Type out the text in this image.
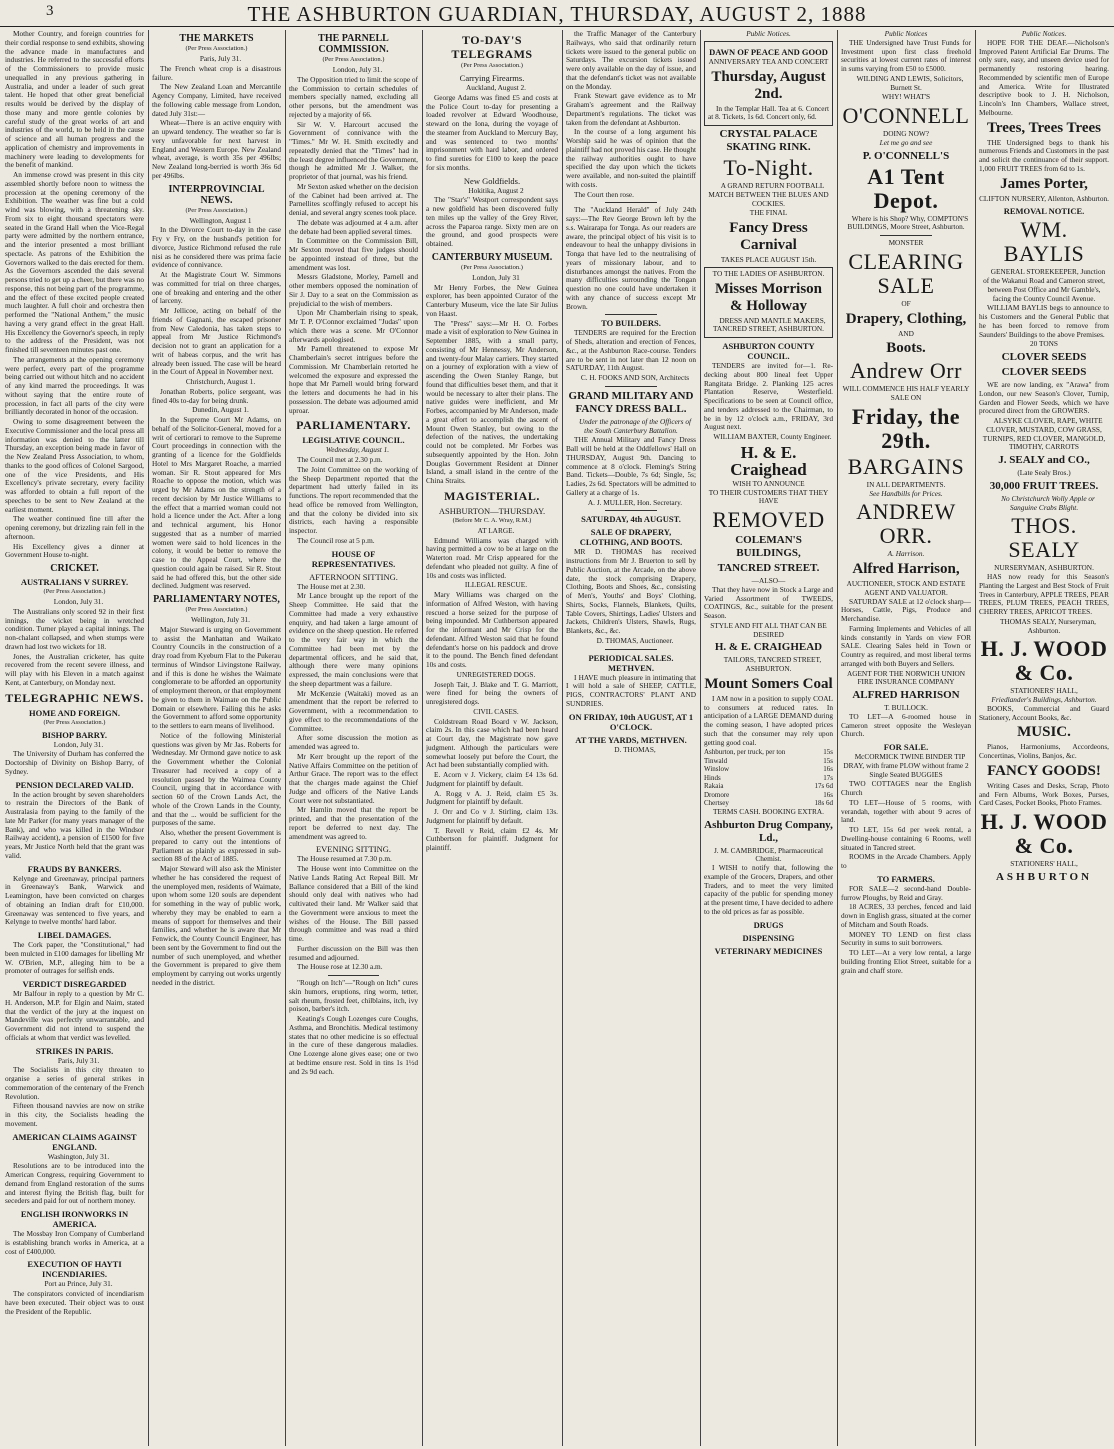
3	THE ASHBURTON GUARDIAN, THURSDAY, AUGUST 2, 1888

Mother Country, and foreign countries for their cordial response to send exhibits, showing the advance made in manufactures and industries. He referred to the successful efforts of the Commissioners to provide music unequalled in any previous gathering in Australia, and under a leader of such great talent. He hoped that other great beneficial results would be derived by the display of those many and more gentle colonies by careful study of the great works of art and industries of the world, to be held in the cause of science and all human progress and the application of chemistry and improvements in machinery were leading to developments for the benefit of mankind.

An immense crowd was present in this city assembled shortly before noon to witness the procession at the opening ceremony of the Exhibition. The weather was fine but a cold wind was blowing, with a threatening sky. From six to eight thousand spectators were seated in the Grand Hall when the Vice-Regal party were admitted by the northern entrance, and the interior presented a most brilliant spectacle. As patrons of the Exhibition the Governors walked to the dais erected for them. As the Governors ascended the dais several persons tried to get up a cheer, but there was no response, this not being part of the programme, and the effect of these excited people created much laughter. A full choir and orchestra then performed the "National Anthem," the music having a very grand effect in the great Hall. His Excellency the Governor's speech, in reply to the address of the President, was not finished till seventeen minutes past one.

The arrangements at the opening ceremony were perfect, every part of the programme being carried out without hitch and no accident of any kind marred the proceedings. It was without saying that the entire route of procession, in fact all parts of the city were brilliantly decorated in honor of the occasion.

Owing to some disagreement between the Executive Commissioner and the local press all information was denied to the latter till Thursday, an exception being made in favor of the New Zealand Press Association, to whom, thanks to the good offices of Colonel Sargood, one of the vice Presidents, and His Excellency's private secretary, every facility was afforded to obtain a full report of the speeches to be sent to New Zealand at the earliest moment.

The weather continued fine till after the opening ceremony, but drizzling rain fell in the afternoon.

His Excellency gives a dinner at Government House to-night.

CRICKET.
AUSTRALIANS V SURREY.
(Per Press Association.)

London, July 31.

The Australians only scored 92 in their first innings, the wicket being in wretched condition. Turner played a capital innings. The non-chalant collapsed, and when stumps were drawn had lost two wickets for 18.

Jones, the Australian cricketer, has quite recovered from the recent severe illness, and will play with his Eleven in a match against Kent, at Canterbury, on Monday next.

TELEGRAPHIC NEWS.
HOME AND FOREIGN.
(Per Press Association.)
BISHOP BARRY.

London, July 31.

The University of Durham has conferred the Doctorship of Divinity on Bishop Barry, of Sydney.

PENSION DECLARED VALID.

In the action brought by seven shareholders to restrain the Directors of the Bank of Australasia from paying to the family of the late Mr Parker (for many years manager of the Bank), and who was killed in the Windsor Railway accident), a pension of £1500 for five years, Mr Justice North held that the grant was valid.

FRAUDS BY BANKERS.

Kelynge and Greenaway, principal partners in Greenaway's Bank, Warwick and Leamington, have been convicted on charges of obtaining an Indian draft for £10,000. Greenaway was sentenced to five years, and Kelynge to twelve months' hard labor.

LIBEL DAMAGES.

The Cork paper, the "Constitutional," had been mulcted in £100 damages for libelling Mr W. O'Brien, M.P., alleging him to be a promoter of outrages for selfish ends.

VERDICT DISREGARDED

Mr Balfour in reply to a question by Mr C. H. Anderson, M.P. for Elgin and Nairn, stated that the verdict of the jury at the inquest on Mandeville was perfectly unwarrantable, and Government did not intend to suspend the officials at whom that verdict was levelled.

STRIKES IN PARIS.

Paris, July 31.

The Socialists in this city threaten to organise a series of general strikes in commemoration of the centenary of the French Revolution.

Fifteen thousand navvies are now on strike in this city, the Socialists heading the movement.

AMERICAN CLAIMS AGAINST ENGLAND.

Washington, July 31.

Resolutions are to be introduced into the American Congress, requiring Government to demand from England restoration of the sums and interest flying the British flag, built for seceders and paid for out of northern money.

ENGLISH IRONWORKS IN AMERICA.

The Mossbay Iron Company of Cumberland is establishing branch works in America, at a cost of £400,000.

EXECUTION OF HAYTI INCENDIARIES.

Port au Prince, July 31.

The conspirators convicted of incendiarism have been executed. Their object was to oust the President of the Republic.

THE MARKETS
(Per Press Association.)

Paris, July 31.

The French wheat crop is a disastrous failure.

The New Zealand Loan and Mercantile Agency Company, Limited, have received the following cable message from London, dated July 31st:—

Wheat—There is an active enquiry with an upward tendency. The weather so far is very unfavorable for next harvest in England and Western Europe. New Zealand wheat, average, is worth 35s per 496lbs; New Zealand long-berried is worth 36s 6d per 496lbs.

INTERPROVINCIAL NEWS.
(Per Press Association.)

Wellington, August 1

In the Divorce Court to-day in the case Fry v Fry, on the husband's petition for divorce, Justice Richmond refused the rule nisi as he considered there was prima facie evidence of connivance.

At the Magistrate Court W. Simmons was committed for trial on three charges, one of breaking and entering and the other of larceny.

Mr Jellicoe, acting on behalf of the friends of Gagnani, the escaped prisoner from New Caledonia, has taken steps to appeal from Mr Justice Richmond's decision not to grant an application for a writ of habeas corpus, and the writ has already been issued. The case will be heard in the Court of Appeal in November next.

Christchurch, August 1.

Jonathan Roberts, police sergeant, was fined 40s to-day for being drunk.

Dunedin, August 1.

In the Supreme Court Mr Adams, on behalf of the Solicitor-General, moved for a writ of certiorari to remove to the Supreme Court proceedings in connection with the granting of a licence for the Goldfields Hotel to Mrs Margaret Roache, a married woman. Sir R. Stout appeared for Mrs Roache to oppose the motion, which was urged by Mr Adams on the strength of a recent decision by Mr Justice Williams to the effect that a married woman could not hold a licence under the Act. After a long and technical argument, his Honor suggested that as a number of married women were said to hold licences in the colony, it would be better to remove the case to the Appeal Court, where the question could again be raised. Sir R. Stout said he had offered this, but the other side declined. Judgment was reserved.

PARLIAMENTARY NOTES,
(Per Press Association.)

Wellington, July 31.

Major Steward is urging on Government to assist the Manhattan and Waikato Country Councils in the construction of a dray road from Kyeburn Flat to the Pukerau terminus of Windsor Livingstone Railway, and if this is done he wishes the Waimate conglomerate to be afforded an opportunity of employment thereon, or that employment be given to them in Waimate on the Public Domain or elsewhere. Failing this he asks the Government to afford some opportunity to the settlers to earn means of livelihood.

Notice of the following Ministerial questions was given by Mr Jas. Roberts for Wednesday. Mr Ormond gave notice to ask the Government whether the Colonial Treasurer had received a copy of a resolution passed by the Waimea County Council, urging that in accordance with section 60 of the Crown Lands Act, the whole of the Crown Lands in the County, and that the ... would be sufficient for the purposes of the same.

Also, whether the present Government is prepared to carry out the intentions of Parliament as plainly as expressed in sub-section 88 of the Act of 1885.

Major Steward will also ask the Minister whether he has considered the request of the unemployed men, residents of Waimate, upon whom some 120 souls are dependent for something in the way of public work, whereby they may be enabled to earn a means of support for themselves and their families, and whether he is aware that Mr Fenwick, the County Council Engineer, has been sent by the Government to find out the number of such unemployed, and whether the Government is prepared to give them employment by carrying out works urgently needed in the district.

THE PARNELL COMMISSION.
(Per Press Association.)

London, July 31.

The Opposition tried to limit the scope of the Commission to certain schedules of members specially named, excluding all other persons, but the amendment was rejected by a majority of 66.

Sir W. V. Harcourt accused the Government of connivance with the "Times." Mr W. H. Smith excitedly and repeatedly denied that the "Times" had in the least degree influenced the Government, though he admitted Mr J. Walker, the proprietor of that journal, was his friend.

Mr Sexton asked whether on the decision of the Cabinet had been arrived at. The Parnellites scoffingly refused to accept his denial, and several angry scenes took place.

The debate was adjourned at 4 a.m. after the debate had been applied several times.

In Committee on the Commission Bill, Mr Sexton moved that five judges should be appointed instead of three, but the amendment was lost.

Messrs Gladstone, Morley, Parnell and other members opposed the nomination of Sir J. Day to a seat on the Commission as prejudicial to the wish of members.

Upon Mr Chamberlain rising to speak, Mr T. P. O'Connor exclaimed "Judas" upon which there was a scene. Mr O'Connor afterwards apologised.

Mr Parnell threatened to expose Mr Chamberlain's secret intrigues before the Commission. Mr Chamberlain retorted he welcomed the exposure and expressed the hope that Mr Parnell would bring forward the letters and documents he had in his possession. The debate was adjourned amid uproar.

PARLIAMENTARY.
LEGISLATIVE COUNCIL.

Wednesday, August 1.

The Council met at 2.30 p.m.

The Joint Committee on the working of the Sheep Department reported that the department had utterly failed in its functions. The report recommended that the head office be removed from Wellington, and that the colony be divided into six districts, each having a responsible inspector.

The Council rose at 5 p.m.

HOUSE OF REPRESENTATIVES.
AFTERNOON SITTING.

The House met at 2.30.

Mr Lance brought up the report of the Sheep Committee. He said that the Committee had made a very exhaustive enquiry, and had taken a large amount of evidence on the sheep question. He referred to the very fair way in which the Committee had been met by the departmental officers, and he said that, although there were many opinions expressed, the main conclusions were that the sheep department was a failure.

Mr McKenzie (Waitaki) moved as an amendment that the report be referred to Government, with a recommendation to give effect to the recommendations of the Committee.

After some discussion the motion as amended was agreed to.

Mr Kerr brought up the report of the Native Affairs Committee on the petition of Arthur Grace. The report was to the effect that the charges made against the Chief Judge and officers of the Native Lands Court were not substantiated.

Mr Hamlin moved that the report be printed, and that the presentation of the report be deferred to next day. The amendment was agreed to.

EVENING SITTING.

The House resumed at 7.30 p.m.

The House went into Committee on the Native Lands Rating Act Repeal Bill. Mr Ballance considered that a Bill of the kind should only deal with natives who had cultivated their land. Mr Walker said that the Government were anxious to meet the wishes of the House. The Bill passed through committee and was read a third time.

Further discussion on the Bill was then resumed and adjourned.

The House rose at 12.30 a.m.

"Rough on Itch"—"Rough on Itch" cures skin humors, eruptions, ring worm, tetter, salt rheum, frosted feet, chilblains, itch, ivy poison, barber's itch.

Keating's Cough Lozenges cure Coughs, Asthma, and Bronchitis. Medical testimony states that no other medicine is so effectual in the cure of these dangerous maladies. One Lozenge alone gives ease; one or two at bedtime ensure rest. Sold in tins 1s 1½d and 2s 9d each.

TO-DAY'S TELEGRAMS
(Per Press Association.)
Carrying Firearms.

Auckland, August 2.

George Adams was fined £5 and costs at the Police Court to-day for presenting a loaded revolver at Edward Woodhouse, steward on the Iona, during the voyage of the steamer from Auckland to Mercury Bay, and was sentenced to two months' imprisonment with hard labor, and ordered to find sureties for £100 to keep the peace for six months.

New Goldfields.

Hokitika, August 2

The "Star's" Westport correspondent says a new goldfield has been discovered fully ten miles up the valley of the Grey River, across the Paparoa range. Sixty men are on the ground, and good prospects were obtained.

CANTERBURY MUSEUM.
(Per Press Association.)

London, July 31

Mr Henry Forbes, the New Guinea explorer, has been appointed Curator of the Canterbury Museum, vice the late Sir Julius von Haast.

The "Press" says:—Mr H. O. Forbes made a visit of exploration to New Guinea in September 1885, with a small party, consisting of Mr Hennessy, Mr Anderson, and twenty-four Malay carriers. They started on a journey of exploration with a view of ascending the Owen Stanley Range, but found that difficulties beset them, and that it would be necessary to alter their plans. The native guides were inefficient, and Mr Forbes, accompanied by Mr Anderson, made a great effort to accomplish the ascent of Mount Owen Stanley, but owing to the defection of the natives, the undertaking could not be completed. Mr Forbes was subsequently appointed by the Hon. John Douglas Government Resident at Dinner Island, a small island in the centre of the China Straits.

MAGISTERIAL.
ASHBURTON—THURSDAY.
(Before Mr C. A. Wray, R.M.)

AT LARGE.

Edmund Williams was charged with having permitted a cow to be at large on the Waterton road. Mr Crisp appeared for the defendant who pleaded not guilty. A fine of 10s and costs was inflicted.

ILLEGAL RESCUE.

Mary Williams was charged on the information of Alfred Weston, with having rescued a horse seized for the purpose of being impounded. Mr Cuthbertson appeared for the informant and Mr Crisp for the defendant. Alfred Weston said that he found defendant's horse on his paddock and drove it to the pound. The Bench fined defendant 10s and costs.

UNREGISTERED DOGS.

Joseph Tait, J. Blake and T. G. Marriott, were fined for being the owners of unregistered dogs.

CIVIL CASES.

Coldstream Road Board v W. Jackson, claim 2s. In this case which had been heard at Court day, the Magistrate now gave judgment. Although the particulars were somewhat loosely put before the Court, the Act had been substantially complied with.

E. Acorn v J. Vickery, claim £4 13s 6d. Judgment for plaintiff by default.

A. Rogg v A. J. Reid, claim £5 3s. Judgment for plaintiff by default.

J. Orr and Co v J. Stirling, claim 13s. Judgment for plaintiff by default.

T. Revell v Reid, claim £2 4s. Mr Cuthbertson for plaintiff. Judgment for plaintiff.

the Traffic Manager of the Canterbury Railways, who said that ordinarily return tickets were issued to the general public on Saturdays. The excursion tickets issued were only available on the day of issue, and that the defendant's ticket was not available on the Monday.

Frank Stewart gave evidence as to Mr Graham's agreement and the Railway Department's regulations. The ticket was taken from the defendant at Ashburton.

In the course of a long argument his Worship said he was of opinion that the plaintiff had not proved his case. He thought the railway authorities ought to have specified the day upon which the tickets were available, and non-suited the plaintiff with costs.

The Court then rose.

The "Auckland Herald" of July 24th says:—The Rev George Brown left by the s.s. Wairarapa for Tonga. As our readers are aware, the principal object of his visit is to endeavour to heal the unhappy divisions in Tonga that have led to the neutralising of years of missionary labour, and to disturbances amongst the natives. From the many difficulties surrounding the Tongan question no one could have undertaken it with any chance of success except Mr Brown.

TO BUILDERS.

TENDERS are required for the Erection of Sheds, alteration and erection of Fences, &c., at the Ashburton Race-course. Tenders are to be sent in not later than 12 noon on SATURDAY, 11th August.

C. H. FOOKS AND SON, Architects

GRAND MILITARY AND FANCY DRESS BALL.

Under the patronage of the Officers of the South Canterbury Battalion.

THE Annual Military and Fancy Dress Ball will be held at the Oddfellows' Hall on THURSDAY, August 9th. Dancing to commence at 8 o'clock. Fleming's String Band. Tickets—Double, 7s 6d; Single, 5s; Ladies, 2s 6d. Spectators will be admitted to Gallery at a charge of 1s.

A. J. MULLER, Hon. Secretary.

SATURDAY, 4th AUGUST.
SALE OF DRAPERY, CLOTHING, AND BOOTS.

MR D. THOMAS has received instructions from Mr J. Bruerton to sell by Public Auction, at the Arcade, on the above date, the stock comprising Drapery, Clothing, Boots and Shoes, &c., consisting of Men's, Youths' and Boys' Clothing, Shirts, Socks, Flannels, Blankets, Quilts, Table Covers, Shirtings, Ladies' Ulsters and Jackets, Children's Ulsters, Shawls, Rugs, Blankets, &c., &c.

D. THOMAS, Auctioneer.

PERIODICAL SALES. METHVEN.

I HAVE much pleasure in intimating that I will hold a sale of SHEEP, CATTLE, PIGS, CONTRACTORS' PLANT AND SUNDRIES.

ON FRIDAY, 10th AUGUST, AT 1 O'CLOCK.
AT THE YARDS, METHVEN.

D. THOMAS,

Public Notices.
DAWN OF PEACE AND GOOD
ANNIVERSARY TEA AND CONCERT
Thursday, August 2nd.

In the Templar Hall. Tea at 6. Concert at 8. Tickets, 1s 6d. Concert only, 6d.

CRYSTAL PALACE SKATING RINK.
To-Night.

A GRAND RETURN FOOTBALL MATCH BETWEEN THE BLUES AND COCKIES.

THE FINAL
Fancy Dress Carnival
TAKES PLACE AUGUST 15th.
TO THE LADIES OF ASHBURTON.
Misses Morrison & Holloway

DRESS AND MANTLE MAKERS, TANCRED STREET, ASHBURTON.

ASHBURTON COUNTY COUNCIL.

TENDERS are invited for—1. Re-decking about 800 lineal feet Upper Rangitata Bridge. 2. Planking 125 acres Plantation Reserve, Westerfield. Specifications to be seen at Council office, and tenders addressed to the Chairman, to be in by 12 o'clock a.m., FRIDAY, 3rd August next.

WILLIAM BAXTER, County Engineer.

H. & E. Craighead
WISH TO ANNOUNCE
TO THEIR CUSTOMERS THAT THEY HAVE
REMOVED
COLEMAN'S BUILDINGS,
TANCRED STREET.
—ALSO—

That they have now in Stock a Large and Varied Assortment of TWEEDS, COATINGS, &c., suitable for the present Season.

STYLE AND FIT ALL THAT CAN BE DESIRED
H. & E. CRAIGHEAD

TAILORS, TANCRED STREET, ASHBURTON.

Mount Somers Coal

I AM now in a position to supply COAL to consumers at reduced rates. In anticipation of a LARGE DEMAND during the coming season, I have adopted prices such that the consumer may rely upon getting good coal.

Ashburton, per truck, per ton	15s
Tinwald	15s
Winslow	16s
Hinds	17s
Rakaia	17s 6d
Dromore	16s
Chertsey	18s 6d
TERMS CASH. BOOKING EXTRA.
Ashburton Drug Company, Ld.,
J. M. CAMBRIDGE, Pharmaceutical Chemist.

I WISH to notify that, following the example of the Grocers, Drapers, and other Traders, and to meet the very limited capacity of the public for spending money at the present time, I have decided to adhere to the old prices as far as possible.

DRUGS
DISPENSING
VETERINARY MEDICINES
Public Notices

THE Undersigned have Trust Funds for Investment upon first class freehold securities at lowest current rates of interest in sums varying from £50 to £5000.

WILDING AND LEWIS, Solicitors, Burnett St.

WHY! WHAT'S
O'CONNELL
DOING NOW?
Let me go and see
P. O'CONNELL'S
A1 Tent Depot.

Where is his Shop? Why, COMPTON'S BUILDINGS, Moore Street, Ashburton.

MONSTER
CLEARING SALE
OF
Drapery, Clothing,
AND
Boots.
Andrew Orr
WILL COMMENCE HIS HALF YEARLY SALE ON
Friday, the 29th.
BARGAINS
IN ALL DEPARTMENTS.
See Handbills for Prices.
ANDREW ORR.
A. Harrison.
Alfred Harrison,
AUCTIONEER, STOCK AND ESTATE AGENT AND VALUATOR.

SATURDAY SALE at 12 o'clock sharp—Horses, Cattle, Pigs, Produce and Merchandise.

Farming Implements and Vehicles of all kinds constantly in Yards on view FOR SALE. Clearing Sales held in Town or Country as required, and most liberal terms arranged with both Buyers and Sellers.

AGENT FOR THE NORWICH UNION FIRE INSURANCE COMPANY
ALFRED HARRISON
T. BULLOCK.

TO LET—A 6-roomed house in Cameron street opposite the Wesleyan Church.

FOR SALE.

McCORMICK TWINE BINDER TIP DRAY, with frame PLOW without frame 2 Single Seated BUGGIES

TWO COTTAGES near the English Church

TO LET—House of 5 rooms, with verandah, together with about 9 acres of land.

TO LET, 15s 6d per week rental, a Dwelling-house containing 6 Rooms, well situated in Tancred street.

ROOMS in the Arcade Chambers. Apply to

TO FARMERS.

FOR SALE—2 second-hand Double-furrow Ploughs, by Reid and Gray.

18 ACRES, 33 perches, fenced and laid down in English grass, situated at the corner of Mitcham and South Roads.

MONEY TO LEND on first class Security in sums to suit borrowers.

TO LET—At a very low rental, a large building fronting Eliot Street, suitable for a grain and chaff store.

Public Notices.

HOPE FOR THE DEAF.—Nicholson's Improved Patent Artificial Ear Drums. The only sure, easy, and unseen device used for permanently restoring hearing. Recommended by scientific men of Europe and America. Write for Illustrated descriptive book to J. H. Nicholson, Lincoln's Inn Chambers, Wallace street, Melbourne.

Trees, Trees Trees

THE Undersigned begs to thank his numerous Friends and Customers in the past and solicit the continuance of their support. 1,000 FRUIT TREES from 6d to 1s.

James Porter,
CLIFTON NURSERY, Allenton, Ashburton.
REMOVAL NOTICE.
WM. BAYLIS

GENERAL STOREKEEPER, Junction of the Wakanui Road and Cameron street, between Post Office and Mr Gamble's, facing the County Council Avenue.

WILLIAM BAYLIS begs to announce to his Customers and the General Public that he has been forced to remove from Saunders' Buildings to the above Premises.

20 TONS
CLOVER SEEDS
CLOVER SEEDS

WE are now landing, ex "Arawa" from London, our new Season's Clover, Turnip, Garden and Flower Seeds, which we have procured direct from the GROWERS.

ALSYKE CLOVER, RAPE, WHITE CLOVER, MUSTARD, COW GRASS, TURNIPS, RED CLOVER, MANGOLD, TIMOTHY, CARROTS

J. SEALY and CO.,
(Late Sealy Bros.)
30,000 FRUIT TREES.

No Christchurch Wolly Apple or Sanguine Crabs Blight.

THOS. SEALY
NURSERYMAN, ASHBURTON.

HAS now ready for this Season's Planting the Largest and Best Stock of Fruit Trees in Canterbury, APPLE TREES, PEAR TREES, PLUM TREES, PEACH TREES, CHERRY TREES, APRICOT TREES.

THOMAS SEALY, Nurseryman, Ashburton.

H. J. WOOD & Co.
STATIONERS' HALL,
Friedlander's Buildings, Ashburton.

BOOKS, Commercial and Guard Stationery, Account Books, &c.

MUSIC.

Pianos, Harmoniums, Accordeons, Concertinas, Violins, Banjos, &c.

FANCY GOODS!

Writing Cases and Desks, Scrap, Photo and Fern Albums, Work Boxes, Purses, Card Cases, Pocket Books, Photo Frames.

H. J. WOOD & Co.
STATIONERS' HALL,
ASHBURTON
